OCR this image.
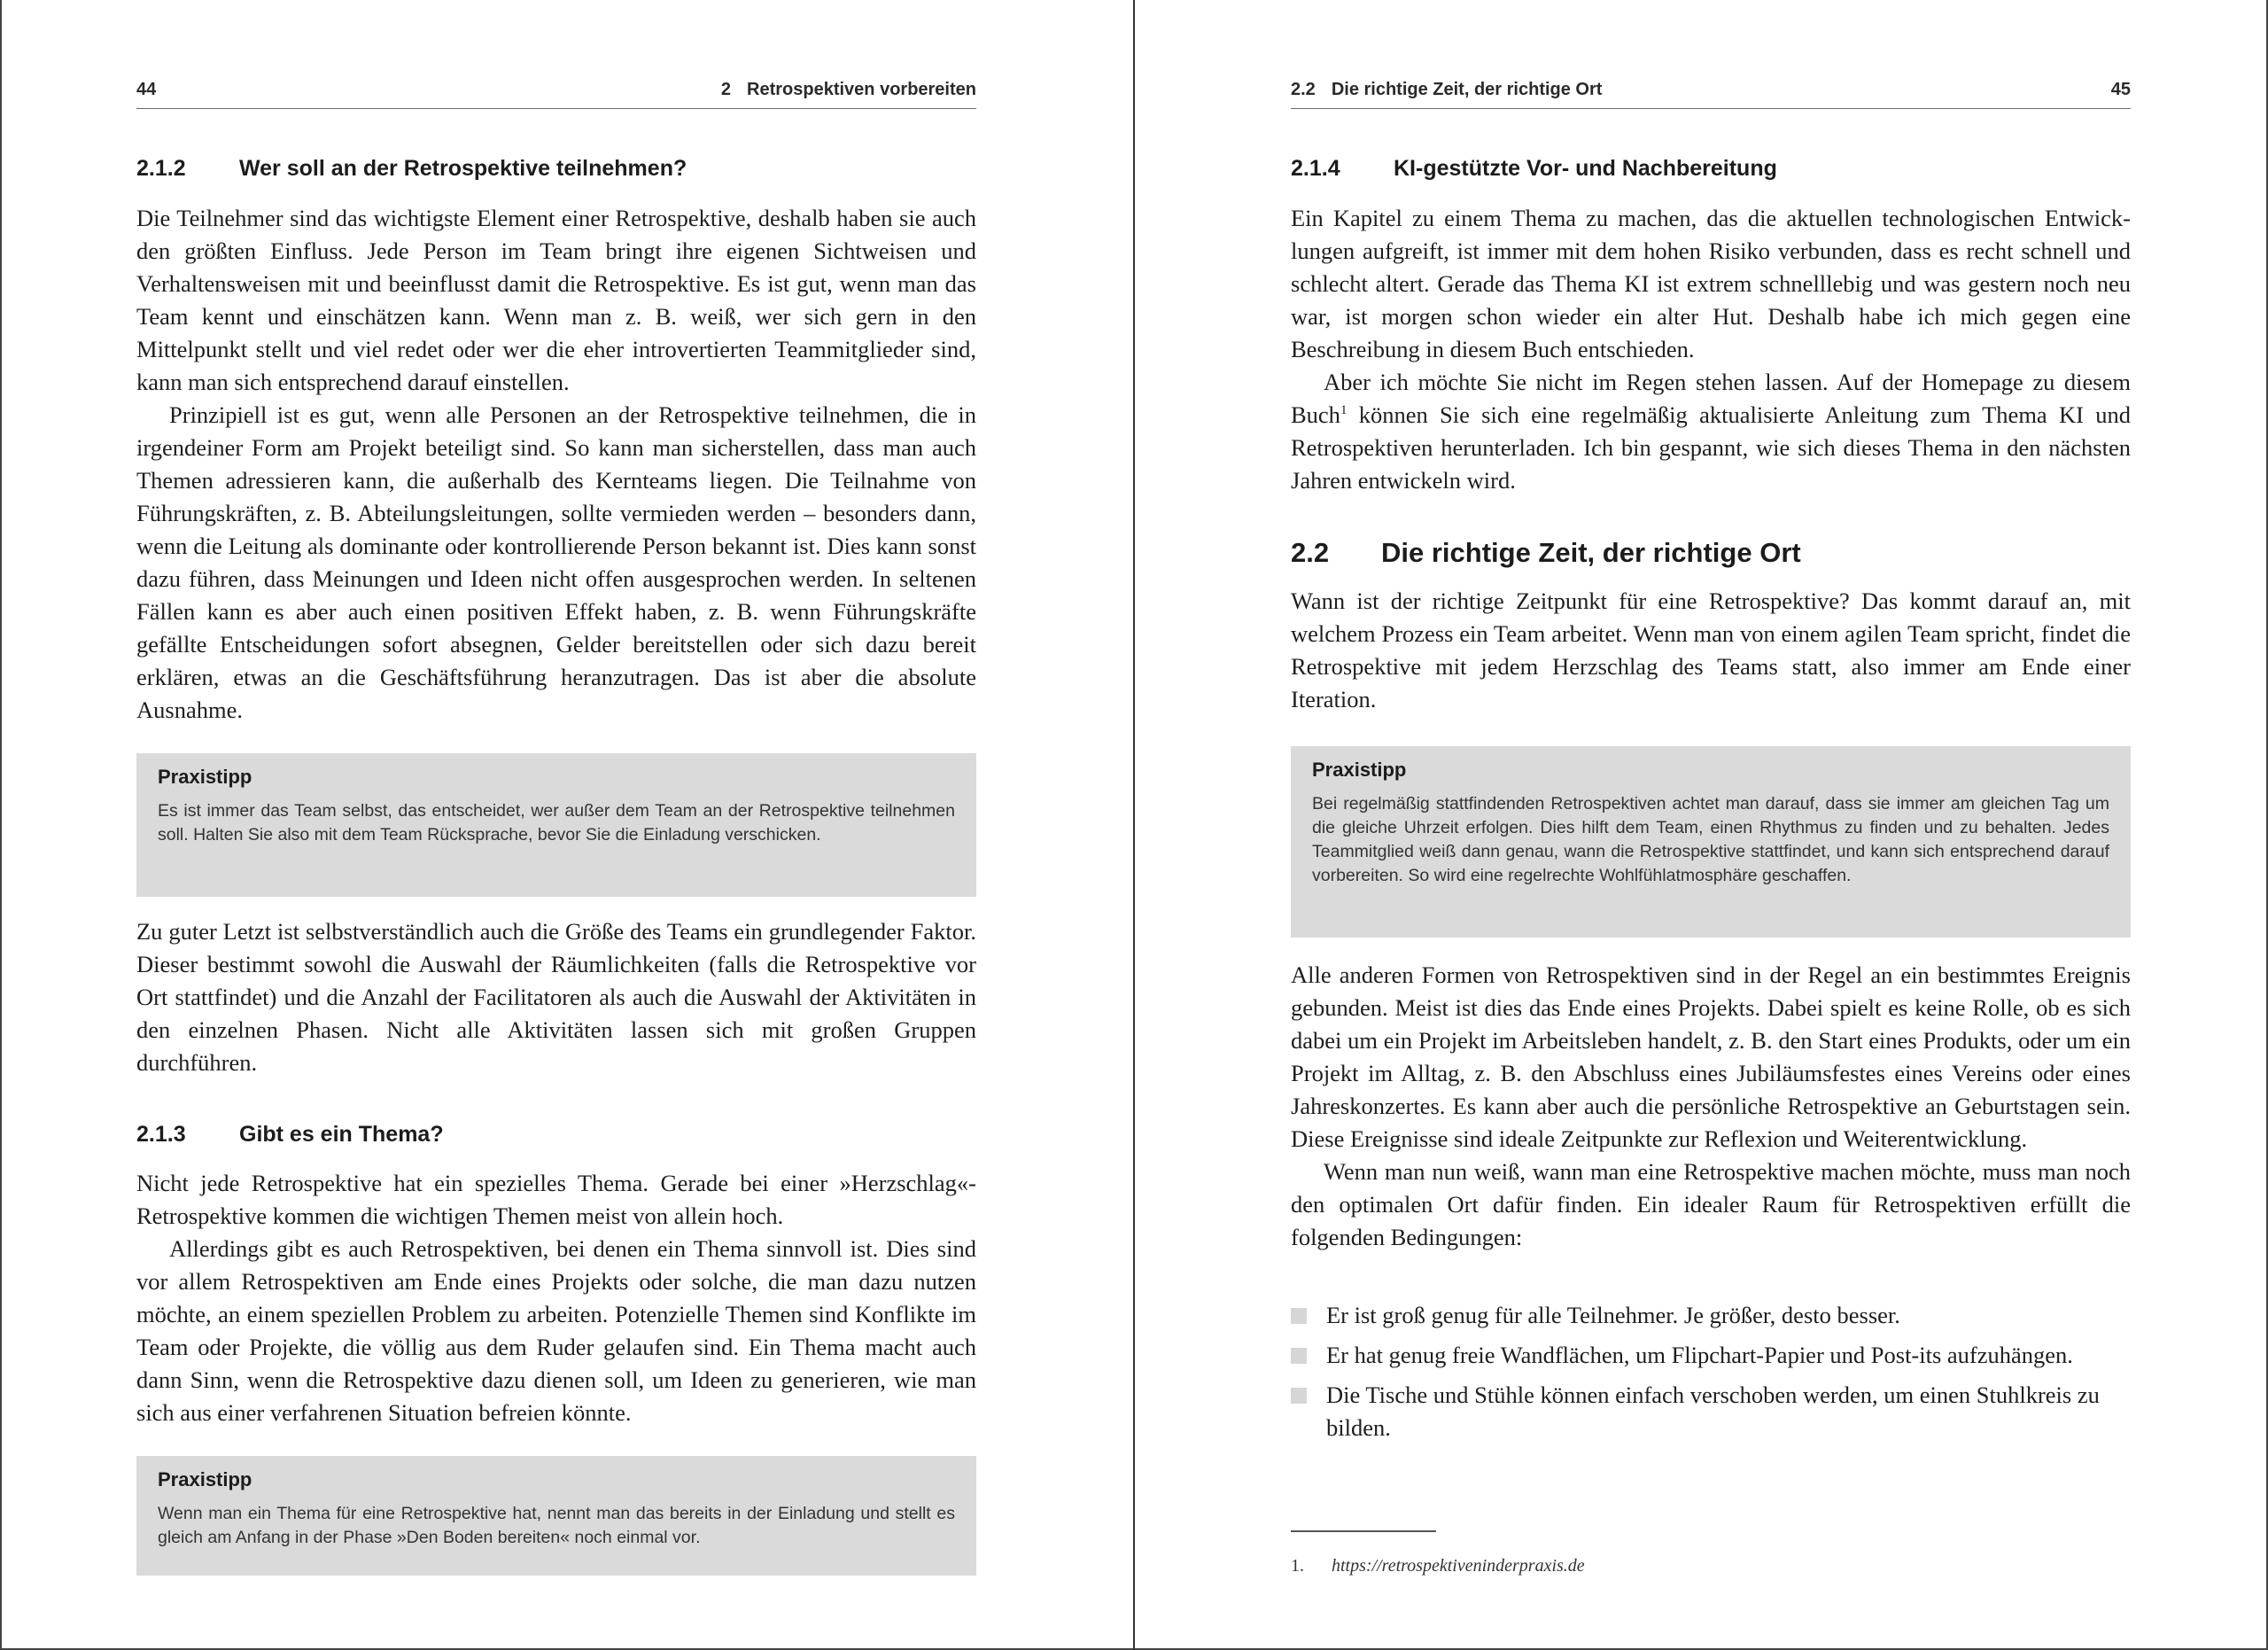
44	2 Retrospektiven vorbereiten
2.1.2 Wer soll an der Retrospektive teilnehmen?

Die Teilnehmer sind das wichtigste Element einer Retrospektive, deshalb haben sie auch den größten Einfluss. Jede Person im Team bringt ihre eigenen Sichtweisen und Verhaltensweisen mit und beeinflusst damit die Retrospektive. Es ist gut, wenn man das Team kennt und einschätzen kann. Wenn man z. B. weiß, wer sich gern in den Mittelpunkt stellt und viel redet oder wer die eher introvertierten Teammitglieder sind, kann man sich entsprechend darauf einstellen.

Prinzipiell ist es gut, wenn alle Personen an der Retrospektive teilnehmen, die in irgendeiner Form am Projekt beteiligt sind. So kann man sicherstellen, dass man auch Themen adressieren kann, die außerhalb des Kernteams liegen. Die Teilnahme von Führungskräften, z. B. Abteilungsleitungen, sollte vermieden werden – besonders dann, wenn die Leitung als dominante oder kontrollierende Person bekannt ist. Dies kann sonst dazu führen, dass Meinungen und Ideen nicht offen ausgesprochen werden. In seltenen Fällen kann es aber auch einen positiven Effekt haben, z. B. wenn Führungskräfte gefällte Entscheidungen sofort absegnen, Gelder bereitstellen oder sich dazu bereit erklären, etwas an die Geschäftsführung heranzutragen. Das ist aber die absolute Ausnahme.

Praxistipp
Es ist immer das Team selbst, das entscheidet, wer außer dem Team an der Retrospektive teilnehmen soll. Halten Sie also mit dem Team Rücksprache, bevor Sie die Einladung verschicken.

Zu guter Letzt ist selbstverständlich auch die Größe des Teams ein grundlegender Faktor. Dieser bestimmt sowohl die Auswahl der Räumlichkeiten (falls die Retrospektive vor Ort stattfindet) und die Anzahl der Facilitatoren als auch die Auswahl der Aktivitäten in den einzelnen Phasen. Nicht alle Aktivitäten lassen sich mit großen Gruppen durchführen.

2.1.3 Gibt es ein Thema?

Nicht jede Retrospektive hat ein spezielles Thema. Gerade bei einer »Herzschlag«-Retrospektive kommen die wichtigen Themen meist von allein hoch.

Allerdings gibt es auch Retrospektiven, bei denen ein Thema sinnvoll ist. Dies sind vor allem Retrospektiven am Ende eines Projekts oder solche, die man dazu nutzen möchte, an einem speziellen Problem zu arbeiten. Potenzielle Themen sind Konflikte im Team oder Projekte, die völlig aus dem Ruder gelaufen sind. Ein Thema macht auch dann Sinn, wenn die Retrospektive dazu dienen soll, um Ideen zu generieren, wie man sich aus einer verfahrenen Situation befreien könnte.

Praxistipp
Wenn man ein Thema für eine Retrospektive hat, nennt man das bereits in der Einladung und stellt es gleich am Anfang in der Phase »Den Boden bereiten« noch einmal vor.
2.2 Die richtige Zeit, der richtige Ort	45
2.1.4 KI-gestützte Vor- und Nachbereitung

Ein Kapitel zu einem Thema zu machen, das die aktuellen technologischen Entwicklungen aufgreift, ist immer mit dem hohen Risiko verbunden, dass es recht schnell und schlecht altert. Gerade das Thema KI ist extrem schnelllebig und was gestern noch neu war, ist morgen schon wieder ein alter Hut. Deshalb habe ich mich gegen eine Beschreibung in diesem Buch entschieden.

Aber ich möchte Sie nicht im Regen stehen lassen. Auf der Homepage zu diesem Buch$^1$ können Sie sich eine regelmäßig aktualisierte Anleitung zum Thema KI und Retrospektiven herunterladen. Ich bin gespannt, wie sich dieses Thema in den nächsten Jahren entwickeln wird.

2.2 Die richtige Zeit, der richtige Ort

Wann ist der richtige Zeitpunkt für eine Retrospektive? Das kommt darauf an, mit welchem Prozess ein Team arbeitet. Wenn man von einem agilen Team spricht, findet die Retrospektive mit jedem Herzschlag des Teams statt, also immer am Ende einer Iteration.

Praxistipp
Bei regelmäßig stattfindenden Retrospektiven achtet man darauf, dass sie immer am gleichen Tag um die gleiche Uhrzeit erfolgen. Dies hilft dem Team, einen Rhythmus zu finden und zu behalten. Jedes Teammitglied weiß dann genau, wann die Retrospektive stattfindet, und kann sich entsprechend darauf vorbereiten. So wird eine regelrechte Wohlfühlatmosphäre geschaffen.

Alle anderen Formen von Retrospektiven sind in der Regel an ein bestimmtes Ereignis gebunden. Meist ist dies das Ende eines Projekts. Dabei spielt es keine Rolle, ob es sich dabei um ein Projekt im Arbeitsleben handelt, z. B. den Start eines Produkts, oder um ein Projekt im Alltag, z. B. den Abschluss eines Jubiläumsfestes eines Vereins oder eines Jahreskonzertes. Es kann aber auch die persönliche Retrospektive an Geburtstagen sein. Diese Ereignisse sind ideale Zeitpunkte zur Reflexion und Weiterentwicklung.

Wenn man nun weiß, wann man eine Retrospektive machen möchte, muss man noch den optimalen Ort dafür finden. Ein idealer Raum für Retrospektiven erfüllt die folgenden Bedingungen:

Er ist groß genug für alle Teilnehmer. Je größer, desto besser.
Er hat genug freie Wandflächen, um Flipchart-Papier und Post-its aufzuhängen.
Die Tische und Stühle können einfach verschoben werden, um einen Stuhlkreis zu bilden.
1. https://retrospektiveninderpraxis.de
